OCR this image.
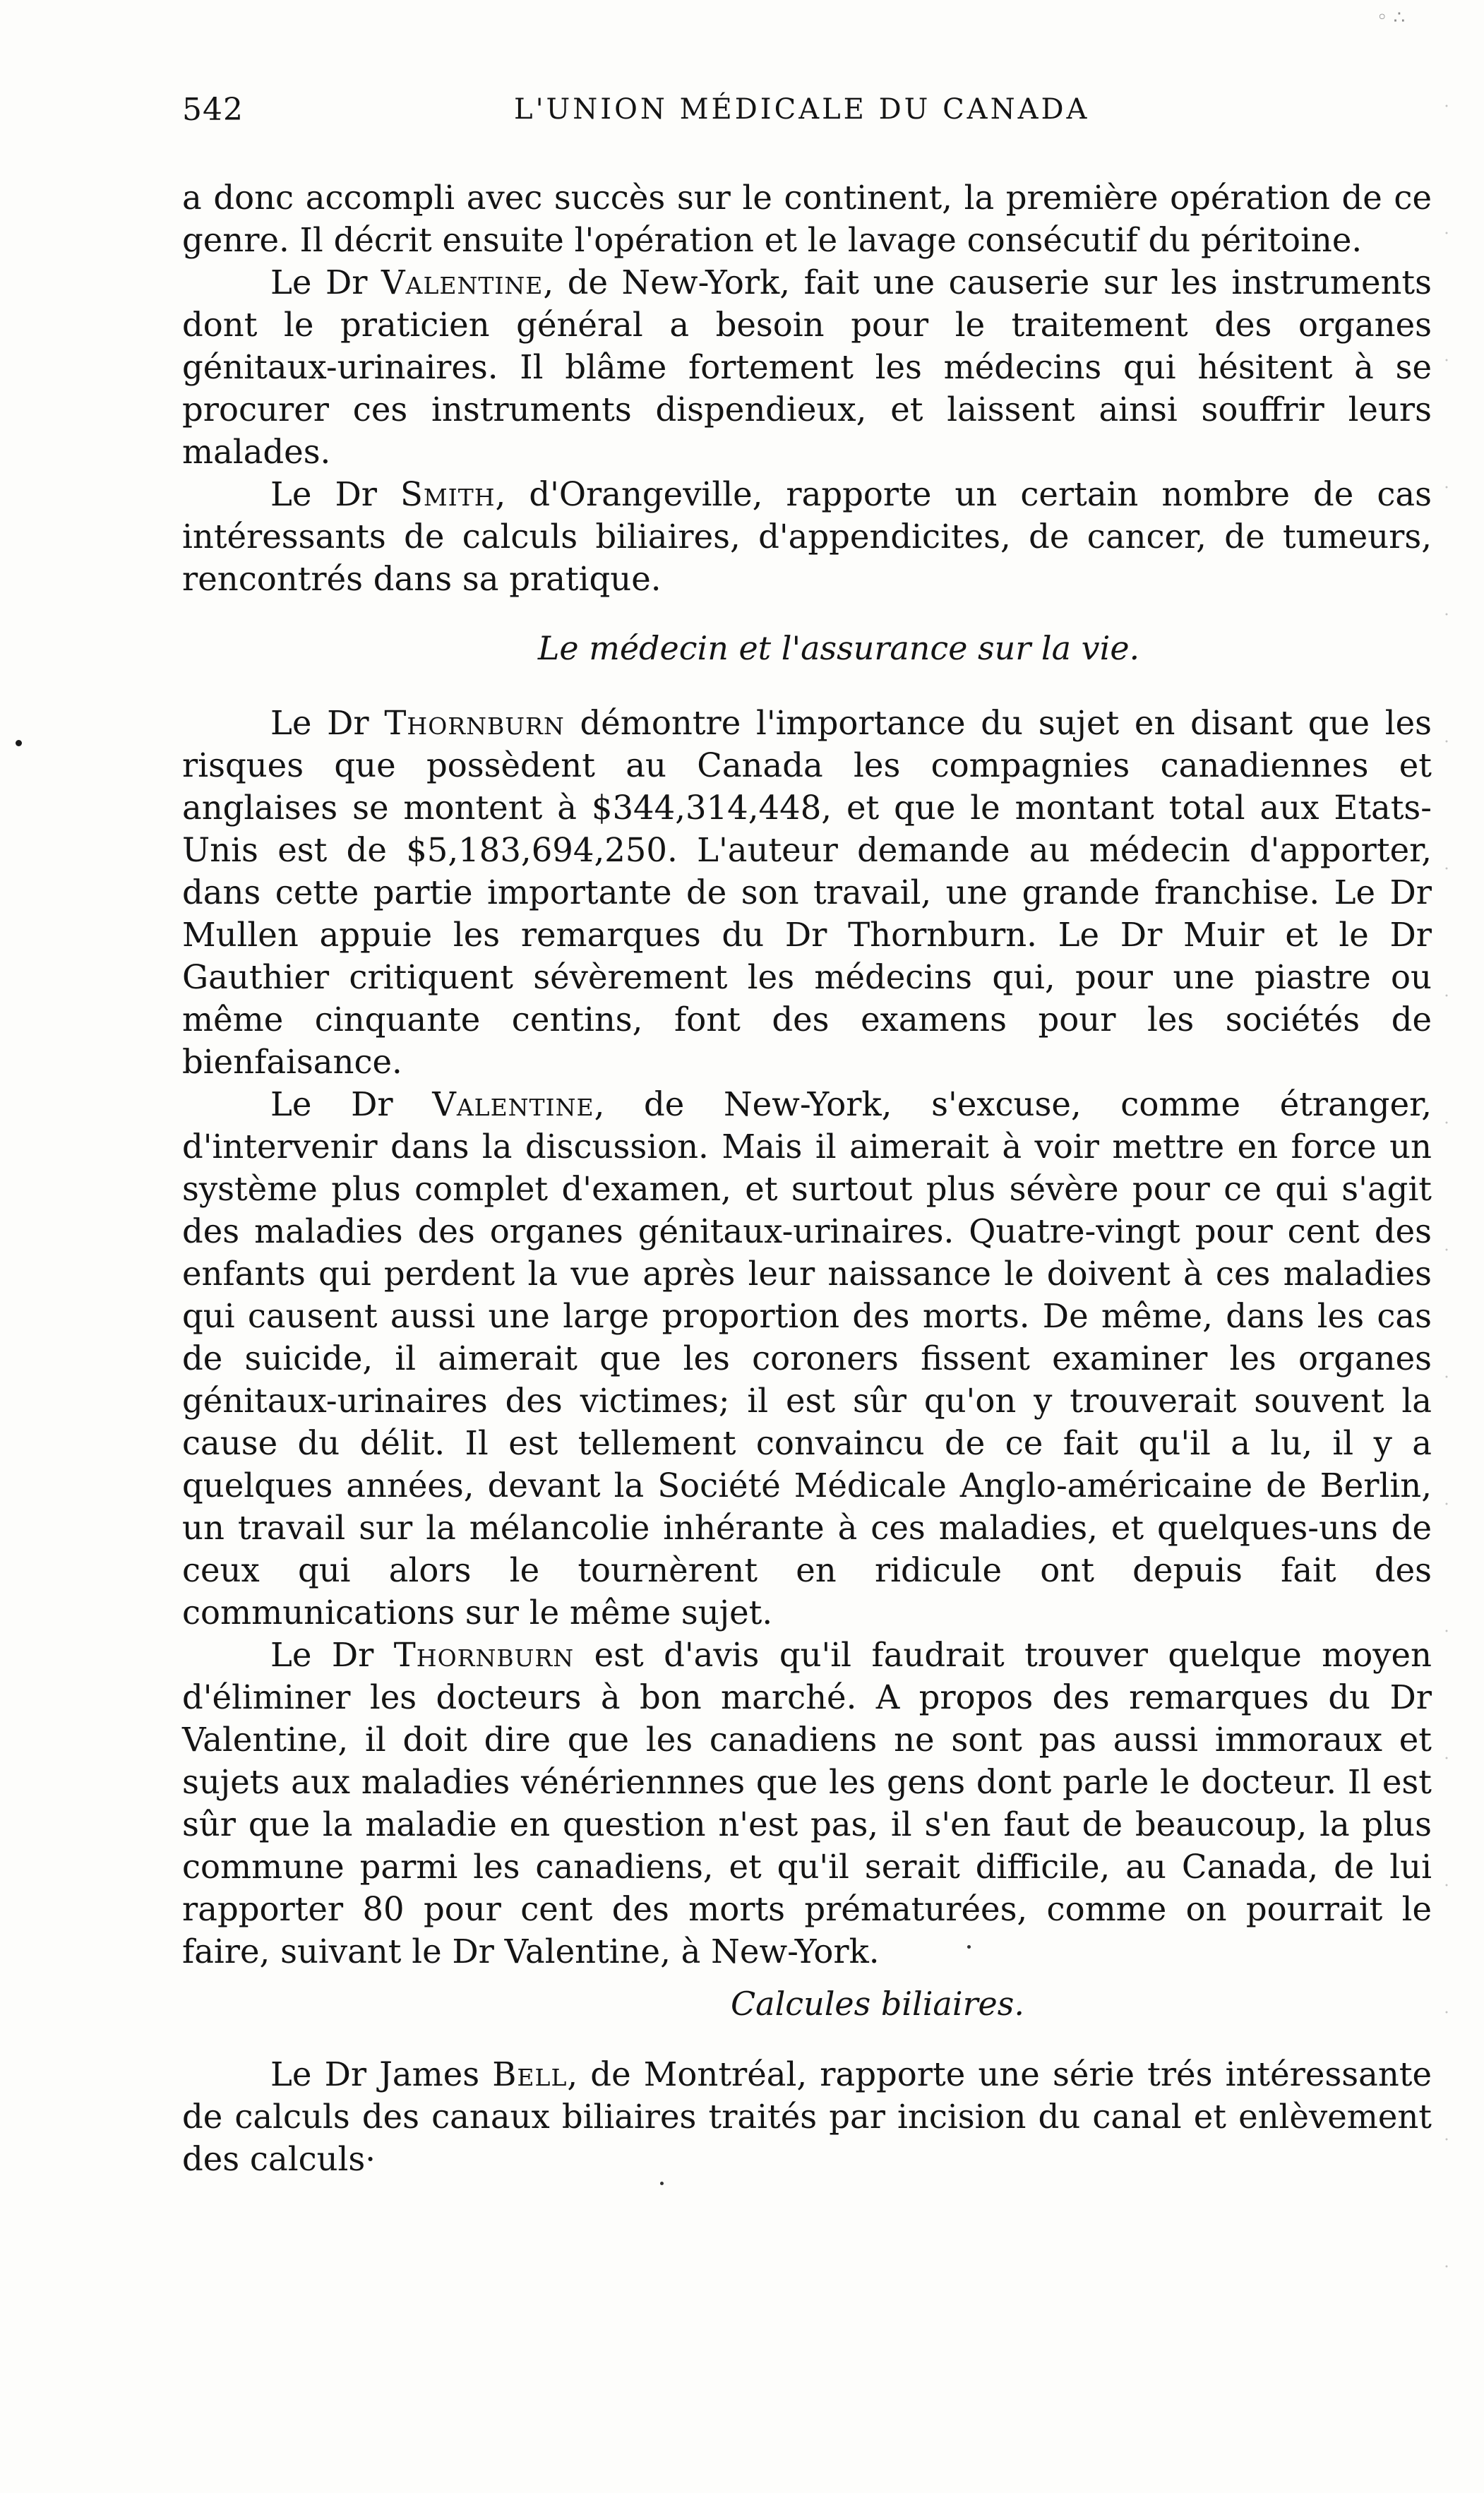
◦ ∴
542	L'UNION MÉDICALE DU CANADA

a donc accompli avec succès sur le continent, la première opération de ce genre. Il décrit ensuite l'opération et le lavage consécutif du péritoine.

Le Dr Valentine, de New-York, fait une causerie sur les instruments dont le praticien général a besoin pour le traitement des organes génitaux-urinaires. Il blâme fortement les médecins qui hésitent à se procurer ces instruments dispendieux, et laissent ainsi souffrir leurs malades.

Le Dr Smith, d'Orangeville, rapporte un certain nombre de cas intéressants de calculs biliaires, d'appendicites, de cancer, de tumeurs, rencontrés dans sa pratique.

Le médecin et l'assurance sur la vie.

Le Dr Thornburn démontre l'importance du sujet en disant que les risques que possèdent au Canada les compagnies canadiennes et anglaises se montent à $344,314,448, et que le montant total aux Etats-Unis est de $5,183,694,250. L'auteur demande au médecin d'apporter, dans cette partie importante de son travail, une grande franchise. Le Dr Mullen appuie les remarques du Dr Thornburn. Le Dr Muir et le Dr Gauthier critiquent sévèrement les médecins qui, pour une piastre ou même cinquante centins, font des examens pour les sociétés de bienfaisance.

Le Dr Valentine, de New-York, s'excuse, comme étranger, d'intervenir dans la discussion. Mais il aimerait à voir mettre en force un système plus complet d'examen, et surtout plus sévère pour ce qui s'agit des maladies des organes génitaux-urinaires. Quatre-vingt pour cent des enfants qui perdent la vue après leur naissance le doivent à ces maladies qui causent aussi une large proportion des morts. De même, dans les cas de suicide, il aimerait que les coroners fissent examiner les organes génitaux-urinaires des victimes; il est sûr qu'on y trouverait souvent la cause du délit. Il est tellement convaincu de ce fait qu'il a lu, il y a quelques années, devant la Société Médicale Anglo-américaine de Berlin, un travail sur la mélancolie inhérante à ces maladies, et quelques-uns de ceux qui alors le tournèrent en ridicule ont depuis fait des communications sur le même sujet.

Le Dr Thornburn est d'avis qu'il faudrait trouver quelque moyen d'éliminer les docteurs à bon marché. A propos des remarques du Dr Valentine, il doit dire que les canadiens ne sont pas aussi immoraux et sujets aux maladies vénériennnes que les gens dont parle le docteur. Il est sûr que la maladie en question n'est pas, il s'en faut de beaucoup, la plus commune parmi les canadiens, et qu'il serait difficile, au Canada, de lui rapporter 80 pour cent des morts prématurées, comme on pourrait le faire, suivant le Dr Valentine, à New-York.

Calcules biliaires.

Le Dr James Bell, de Montréal, rapporte une série trés intéressante de calculs des canaux biliaires traités par incision du canal et enlèvement des calculs·
